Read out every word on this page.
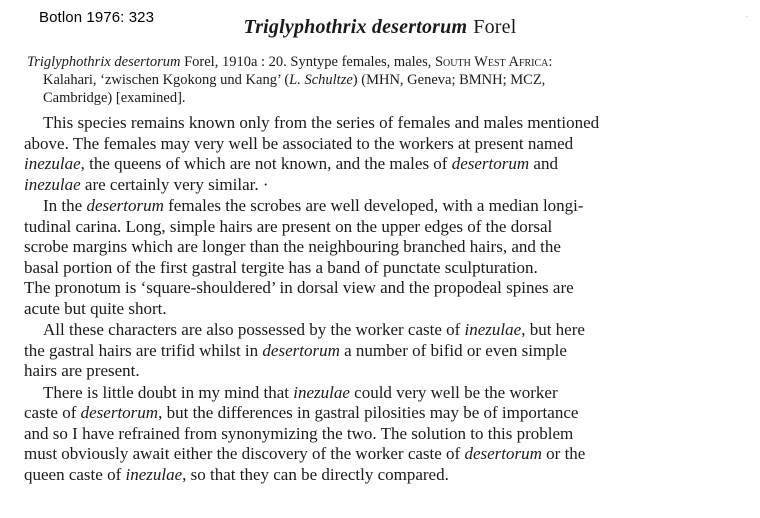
Botlon 1976: 323	·
Triglyphothrix desertorum Forel
Triglyphothrix desertorum Forel, 1910a : 20. Syntype females, males, South West Africa:
Kalahari, ‘zwischen Kgokong und Kang’ (L. Schultze) (MHN, Geneva; BMNH; MCZ,
Cambridge) [examined].
This species remains known only from the series of females and males mentioned
above. The females may very well be associated to the workers at present named
inezulae, the queens of which are not known, and the males of desertorum and
inezulae are certainly very similar. ·
In the desertorum females the scrobes are well developed, with a median longi-
tudinal carina. Long, simple hairs are present on the upper edges of the dorsal
scrobe margins which are longer than the neighbouring branched hairs, and the
basal portion of the first gastral tergite has a band of punctate sculpturation.
The pronotum is ‘square-shouldered’ in dorsal view and the propodeal spines are
acute but quite short.
All these characters are also possessed by the worker caste of inezulae, but here
the gastral hairs are trifid whilst in desertorum a number of bifid or even simple
hairs are present.
There is little doubt in my mind that inezulae could very well be the worker
caste of desertorum, but the differences in gastral pilosities may be of importance
and so I have refrained from synonymizing the two. The solution to this problem
must obviously await either the discovery of the worker caste of desertorum or the
queen caste of inezulae, so that they can be directly compared.
